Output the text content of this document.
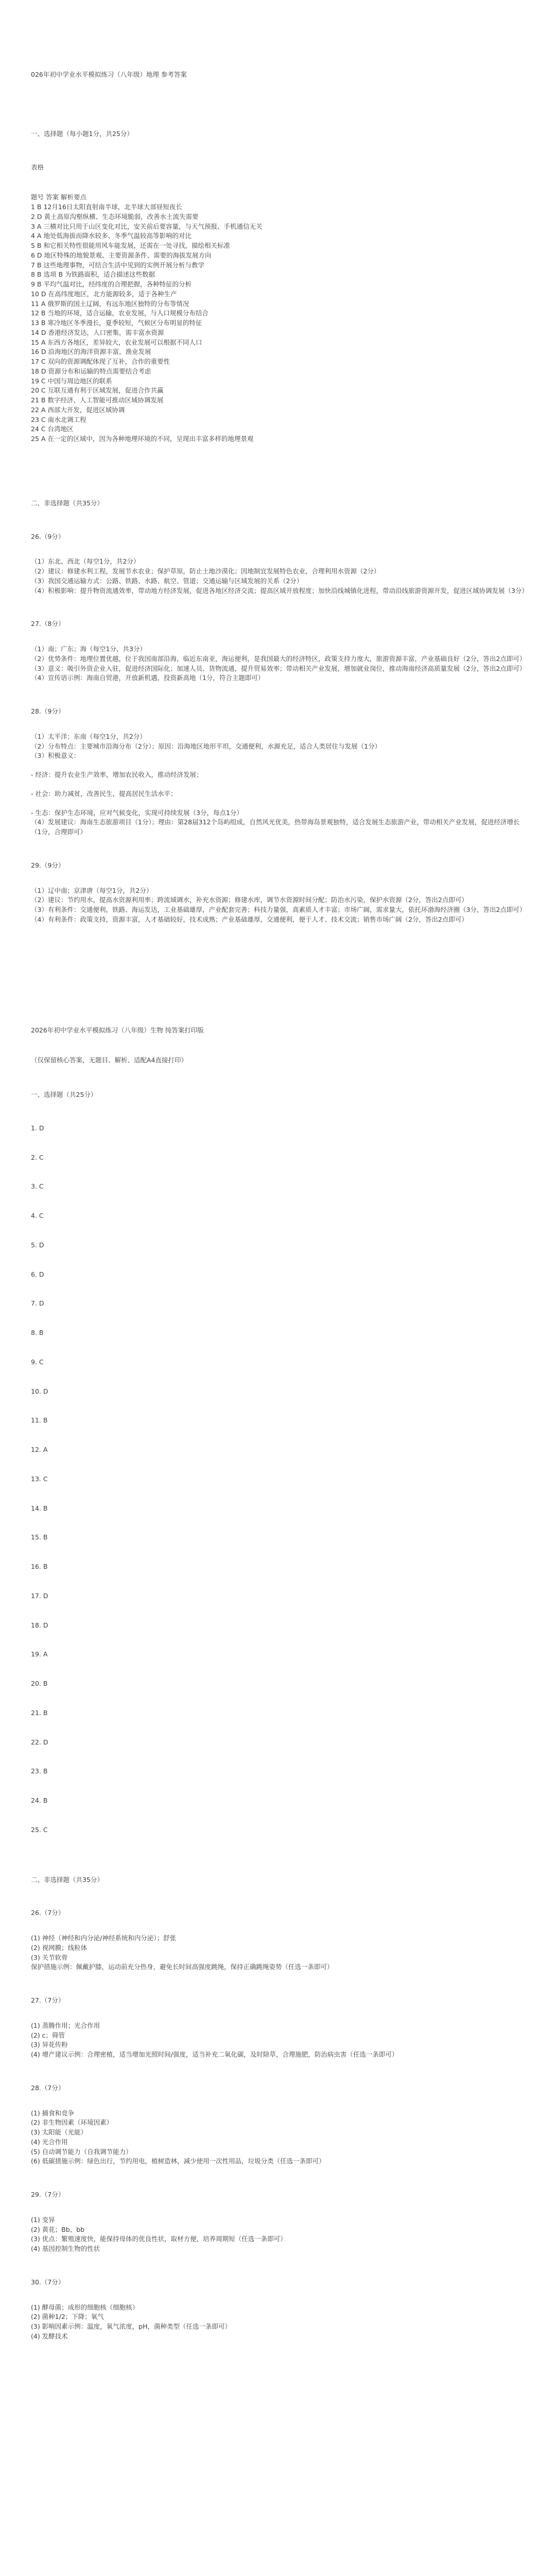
026年初中学业水平模拟练习（八年级）地理 参考答案

一、选择题（每小题1分，共25分）

表格

题号 答案 解析要点

1 B 12月16日太阳直射南半球，北半球大部昼短夜长

2 D 黄土高原沟壑纵横、生态环境脆弱，改善水土流失需要

3 A 三横对比只用于山区变化对比，安关前后要容量，与天气预报、手机通信无关

4 A 地处低海拔而降水较多、冬季气温较高等影响的对比

5 B 和它相关特性很能用风车能发展，还需在一处寻找，描绘相关标准

6 D 地区特殊的地貌景观、主要资源条件、需要的海拔发展方向

7 B 这些地理事物，可结合生活中见到的实例开展分析与教学

8 B 选项 B 为铁路面积，适合描述这些数据

9 B 平均气温对比，经纬度的合理把握，各种特征的分析

10 D 在高纬度地区，北方能源较多，适于各种生产

11 A 俄罗斯的国土辽阔，有远东地区独特的分布等情况

12 B 当地的环境，适合运输，农业发展，与人口规模分布结合

13 B 寒冷地区冬季漫长，夏季较短，气候区分布明显的特征

14 D 香港经济发达，人口密集，需丰富水资源

15 A 东西方各地区，差异较大，农业发展可以根据不同人口

16 D 沿海地区的海洋资源丰富，渔业发展

17 C 双向的资源调配体现了互补，合作的重要性

18 D 资源分布和运输的特点需要结合考虑

19 C 中国与周边地区的联系

20 C 互联互通有利于区域发展，促进合作共赢

21 B 数字经济、人工智能可推动区域协调发展

22 A 西部大开发，促进区域协调

23 C 南水北调工程

24 C 台湾地区

25 A 在一定的区域中，因为各种地理环境的不同，呈现出丰富多样的地理景观

二、非选择题（共35分）

26.（9分）

（1）东北、西北（每空1分，共2分）

（2）建议：修建水利工程，发展节水农业；保护草原，防止土地沙漠化；因地制宜发展特色农业，合理利用水资源（2分）

（3）我国交通运输方式：公路、铁路、水路、航空、管道；交通运输与区域发展的关系（2分）

（4）积极影响：提升物资流通效率，带动地方经济发展，促进各地区经济交流；提高区域开放程度；加快沿线城镇化进程，带动沿线旅游资源开发，促进区域协调发展（3分）

27.（8分）

（1）南；广东；海（每空1分，共3分）

（2）优势条件：地理位置优越，位于我国南部沿海，临近东南亚，海运便利，是我国最大的经济特区，政策支持力度大，旅游资源丰富，产业基础良好（2分，答出2点即可）

（3）意义：吸引外资企业入驻，促进经济国际化；加速人员、货物流通，提升贸易效率；带动相关产业发展，增加就业岗位，推动海南经济高质量发展（2分，答出2点即可）

（4）宣传语示例：海南自贸港，开放新机遇，投资新高地（1分，符合主题即可）

28.（9分）

（1）太平洋；东南（每空1分，共2分）

（2）分布特点：主要城市沿海分布（2分）；原因：沿海地区地形平坦，交通便利，水源充足，适合人类居住与发展（1分）

（3）积极意义：

- 经济：提升农业生产效率，增加农民收入，推动经济发展；

- 社会：助力减贫，改善民生，提高居民生活水平；

- 生态：保护生态环境，应对气候变化，实现可持续发展（3分，每点1分）

（4）发展建议：海南生态旅游项目（1分）；理由：第28届312个岛屿组成，自然风光优美，热带海岛景观独特，适合发展生态旅游产业，带动相关产业发展，促进经济增长（1分，合理即可）

29.（9分）

（1）辽中南；京津唐（每空1分，共2分）

（2）建议：节约用水，提高水资源利用率；跨流域调水，补充水资源；修建水库，调节水资源时间分配；防治水污染，保护水资源（2分，答出2点即可）

（3）有利条件：交通便利，铁路、海运发达，工业基础雄厚，产业配套完善；科技力量强，高素质人才丰富；市场广阔，需求量大，依托环渤海经济圈（3分，答出2点即可）

（4）有利条件：政策支持，资源丰富，人才基础较好，技术成熟；产业基础雄厚，交通便利，便于人才、技术交流；销售市场广阔（2分，答出2点即可）

2026年初中学业水平模拟练习（八年级）生物 纯答案打印版

（仅保留核心答案，无题目、解析、适配A4直接打印）

一、选择题（共25分）

1. D

2. C

3. C

4. C

5. D

6. D

7. D

8. B

9. C

10. D

11. B

12. A

13. C

14. B

15. B

16. B

17. D

18. D

19. A

20. B

21. B

22. D

23. B

24. B

25. C

二、非选择题（共35分）

26.（7分）

(1) 神经（神经和内分泌/神经系统和内分泌）；舒张

(2) 视网膜；线粒体

(3) 关节软骨

保护措施示例：佩戴护膝，运动前充分热身，避免长时间高强度跳绳，保持正确跳绳姿势（任选一条即可）

27.（7分）

(1) 蒸腾作用；光合作用

(2) c；筛管

(3) 异花传粉

(4) 增产建议示例：合理密植，适当增加光照时间/强度，适当补充二氧化碳，及时除草，合理施肥，防治病虫害（任选一条即可）

28.（7分）

(1) 捕食和竞争

(2) 非生物因素（环境因素）

(3) 太阳能（光能）

(4) 光合作用

(5) 自动调节能力（自我调节能力）

(6) 低碳措施示例：绿色出行，节约用电，植树造林，减少使用一次性用品，垃圾分类（任选一条即可）

29.（7分）

(1) 变异

(2) 黄花；Bb、bb

(3) 优点：繁殖速度快，能保持母体的优良性状，取材方便，培养周期短（任选一条即可）

(4) 基因控制生物的性状

30.（7分）

(1) 酵母菌；成形的细胞核（细胞核）

(2) 菌种1/2；下降；氧气

(3) 影响因素示例：温度，氧气浓度，pH，菌种类型（任选一条即可）

(4) 发酵技术
